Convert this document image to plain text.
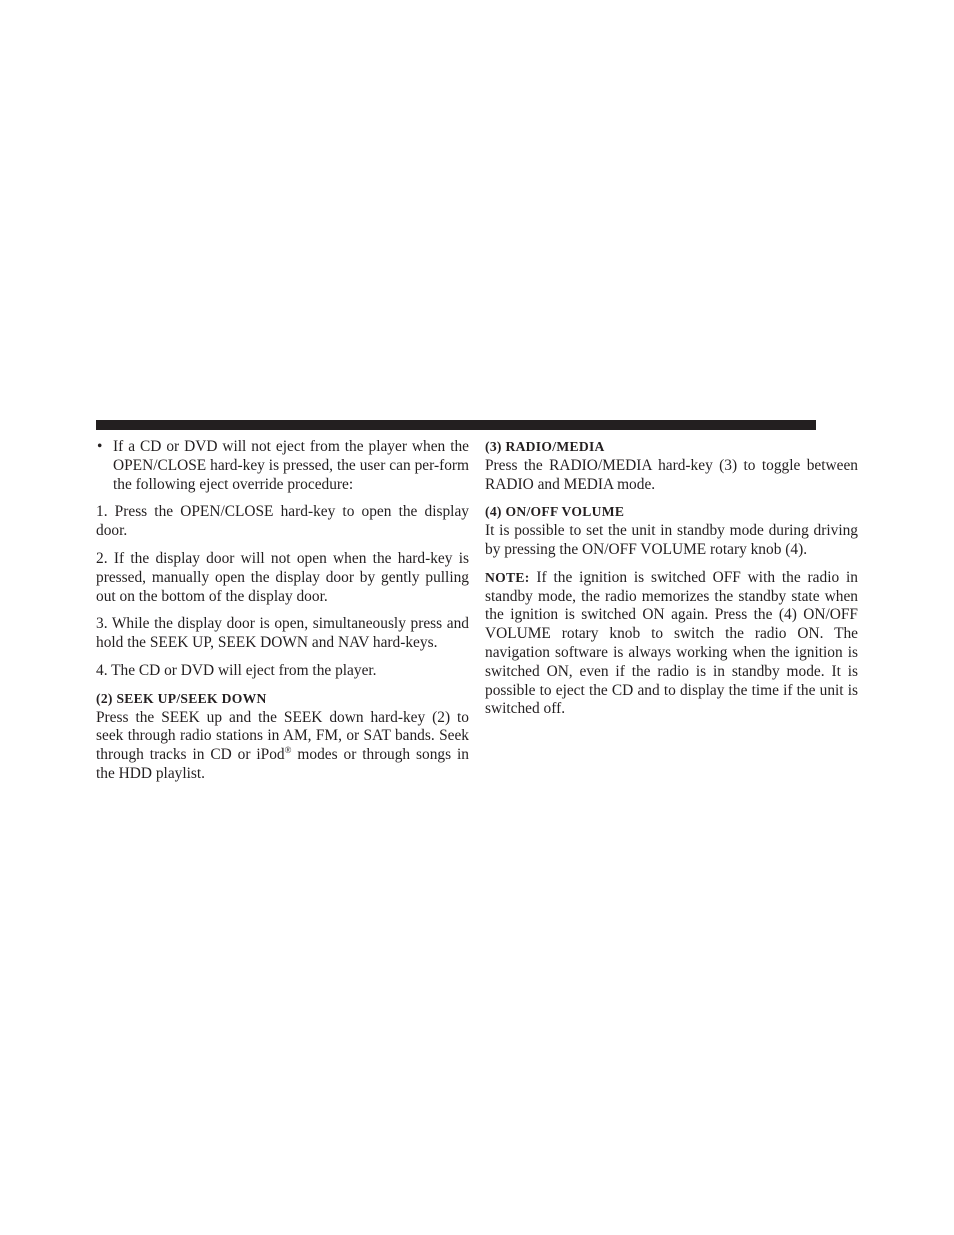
• If a CD or DVD will not eject from the player when the OPEN/CLOSE hard-key is pressed, the user can per-form the following eject override procedure:

1. Press the OPEN/CLOSE hard-key to open the display door.

2. If the display door will not open when the hard-key is pressed, manually open the display door by gently pulling out on the bottom of the display door.

3. While the display door is open, simultaneously press and hold the SEEK UP, SEEK DOWN and NAV hard-keys.

4. The CD or DVD will eject from the player.

(2) SEEK UP/SEEK DOWN

Press the SEEK up and the SEEK down hard-key (2) to seek through radio stations in AM, FM, or SAT bands. Seek through tracks in CD or iPod® modes or through songs in the HDD playlist.

(3) RADIO/MEDIA

Press the RADIO/MEDIA hard-key (3) to toggle between RADIO and MEDIA mode.

(4) ON/OFF VOLUME

It is possible to set the unit in standby mode during driving by pressing the ON/OFF VOLUME rotary knob (4).

NOTE: If the ignition is switched OFF with the radio in standby mode, the radio memorizes the standby state when the ignition is switched ON again. Press the (4) ON/OFF VOLUME rotary knob to switch the radio ON. The navigation software is always working when the ignition is switched ON, even if the radio is in standby mode. It is possible to eject the CD and to display the time if the unit is switched off.
